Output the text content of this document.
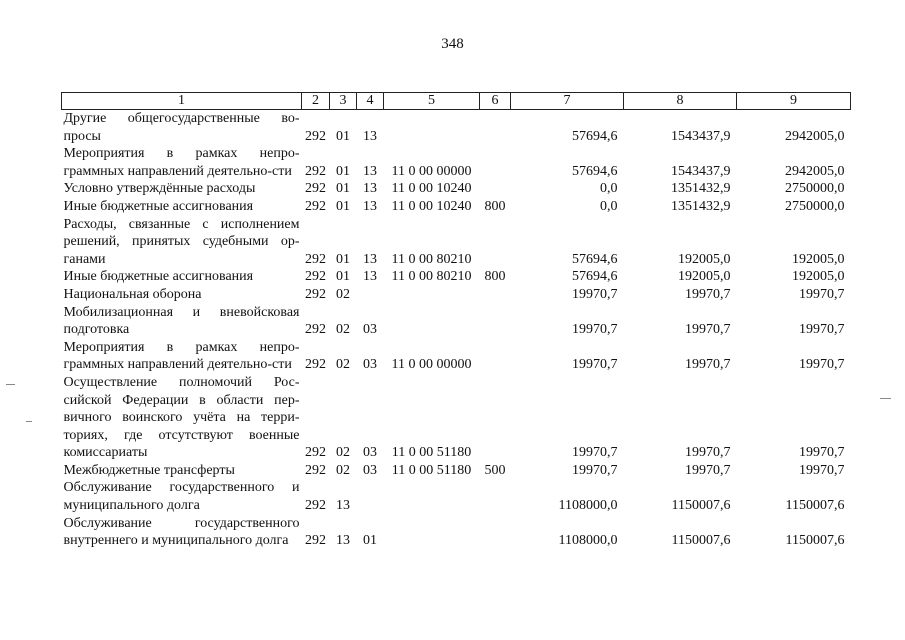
348
1	2	3	4	5	6	7	8	9
Другие общегосударственные во-просы	292	01	13			57694,6	1543437,9	2942005,0
Мероприятия в рамках непро-граммных направлений деятельно-сти	292	01	13	11 0 00 00000		57694,6	1543437,9	2942005,0
Условно утверждённые расходы	292	01	13	11 0 00 10240		0,0	1351432,9	2750000,0
Иные бюджетные ассигнования	292	01	13	11 0 00 10240	800	0,0	1351432,9	2750000,0
Расходы, связанные с исполнением решений, принятых судебными ор-ганами	292	01	13	11 0 00 80210		57694,6	192005,0	192005,0
Иные бюджетные ассигнования	292	01	13	11 0 00 80210	800	57694,6	192005,0	192005,0
Национальная оборона	292	02				19970,7	19970,7	19970,7
Мобилизационная и вневойсковая подготовка	292	02	03			19970,7	19970,7	19970,7
Мероприятия в рамках непро-граммных направлений деятельно-сти	292	02	03	11 0 00 00000		19970,7	19970,7	19970,7
Осуществление полномочий Рос-сийской Федерации в области пер-вичного воинского учёта на терри-ториях, где отсутствуют военные комиссариаты	292	02	03	11 0 00 51180		19970,7	19970,7	19970,7
Межбюджетные трансферты	292	02	03	11 0 00 51180	500	19970,7	19970,7	19970,7
Обслуживание государственного и муниципального долга	292	13				1108000,0	1150007,6	1150007,6
Обслуживание государственного внутреннего и муниципального долга	292	13	01			1108000,0	1150007,6	1150007,6
